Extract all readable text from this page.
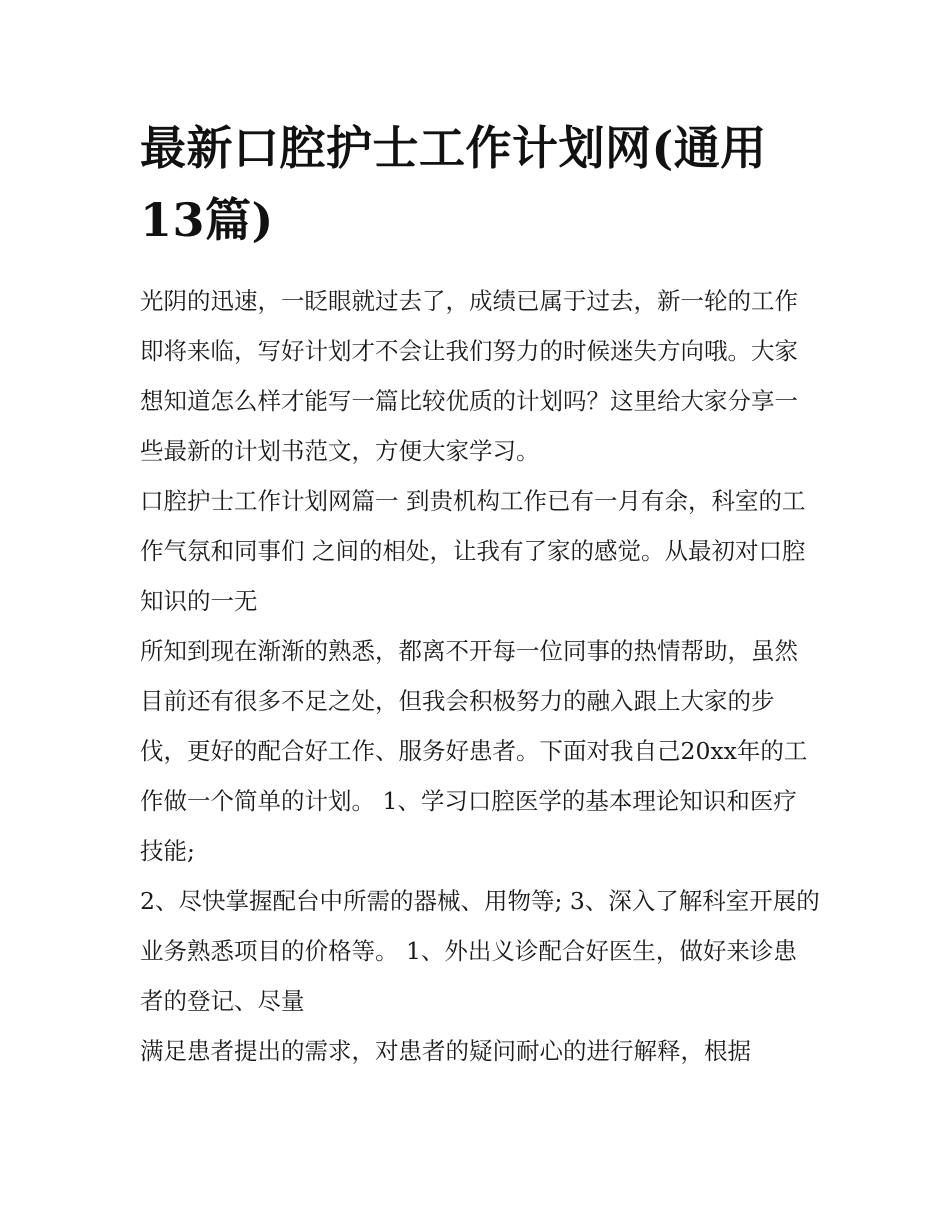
最新口腔护士工作计划网(通用13篇)

光阴的迅速，一眨眼就过去了，成绩已属于过去，新一轮的工作即将来临，写好计划才不会让我们努力的时候迷失方向哦。大家想知道怎么样才能写一篇比较优质的计划吗？这里给大家分享一些最新的计划书范文，方便大家学习。

口腔护士工作计划网篇一 到贵机构工作已有一月有余，科室的工作气氛和同事们 之间的相处，让我有了家的感觉。从最初对口腔知识的一无

所知到现在渐渐的熟悉，都离不开每一位同事的热情帮助，虽然目前还有很多不足之处，但我会积极努力的融入跟上大家的步伐，更好的配合好工作、服务好患者。下面对我自己20xx年的工作做一个简单的计划。 1、学习口腔医学的基本理论知识和医疗技能;

2、尽快掌握配台中所需的器械、用物等; 3、深入了解科室开展的业务熟悉项目的价格等。 1、外出义诊配合好医生，做好来诊患者的登记、尽量

满足患者提出的需求，对患者的疑问耐心的进行解释，根据
